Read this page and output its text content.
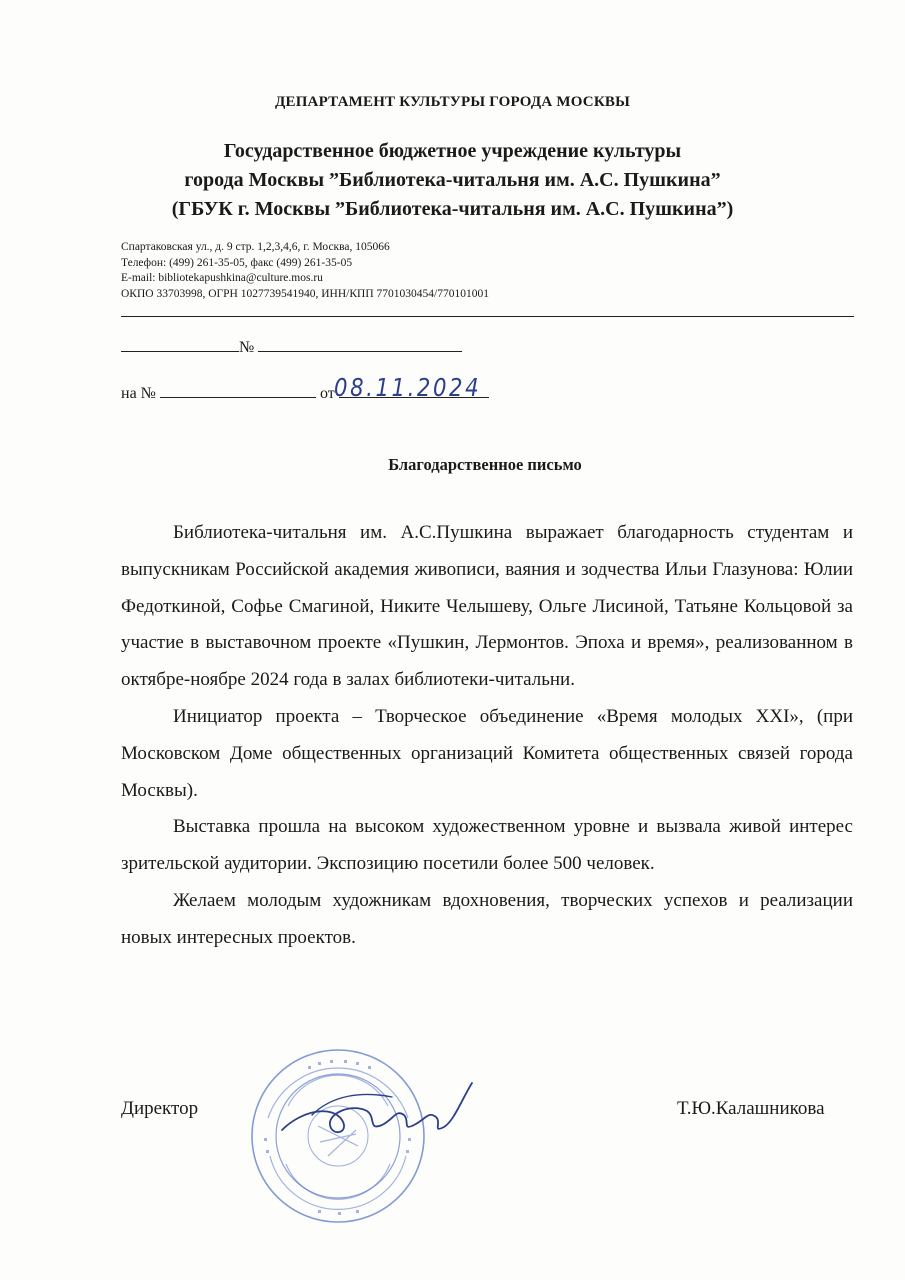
ДЕПАРТАМЕНТ КУЛЬТУРЫ ГОРОДА МОСКВЫ
Государственное бюджетное учреждение культуры
города Москвы ”Библиотека-читальня им. А.С. Пушкина”
(ГБУК г. Москвы ”Библиотека-читальня им. А.С. Пушкина”)
Спартаковская ул., д. 9 стр. 1,2,3,4,6, г. Москва, 105066
Телефон: (499) 261-35-05, факс (499) 261-35-05
E-mail: bibliotekapushkina@culture.mos.ru
ОКПО 33703998, ОГРН 1027739541940, ИНН/КПП 7701030454/770101001
№
на №	от 08.11.2024
Благодарственное письмо

Библиотека-читальня им. А.С.Пушкина выражает благодарность студентам и выпускникам Российской академия живописи, ваяния и зодчества Ильи Глазунова: Юлии Федоткиной, Софье Смагиной, Никите Челышеву, Ольге Лисиной, Татьяне Кольцовой за участие в выставочном проекте «Пушкин, Лермонтов. Эпоха и время», реализованном в октябре-ноябре 2024 года в залах библиотеки-читальни.

Инициатор проекта – Творческое объединение «Время молодых XXI», (при Московском Доме общественных организаций Комитета общественных связей города Москвы).

Выставка прошла на высоком художественном уровне и вызвала живой интерес зрительской аудитории. Экспозицию посетили более 500 человек.

Желаем молодым художникам вдохновения, творческих успехов и реализации новых интересных проектов.

Директор	Т.Ю.Калашникова
